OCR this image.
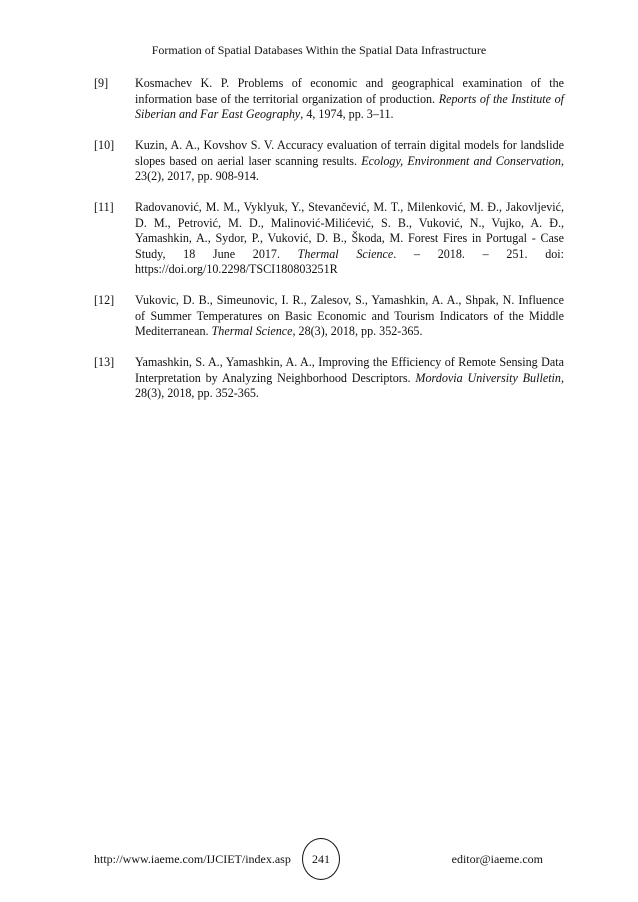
Formation of Spatial Databases Within the Spatial Data Infrastructure
[9]	Kosmachev K. P. Problems of economic and geographical examination of the information base of the territorial organization of production. Reports of the Institute of Siberian and Far East Geography, 4, 1974, pp. 3–11.
[10]	Kuzin, A. A., Kovshov S. V. Accuracy evaluation of terrain digital models for landslide slopes based on aerial laser scanning results. Ecology, Environment and Conservation, 23(2), 2017, pp. 908-914.
[11]	Radovanović, M. M., Vyklyuk, Y., Stevančević, M. T., Milenković, M. Đ., Jakovljević, D. M., Petrović, M. D., Malinović-Milićević, S. B., Vuković, N., Vujko, A. Đ., Yamashkin, A., Sydor, P., Vuković, D. B., Škoda, M. Forest Fires in Portugal - Case Study, 18 June 2017. Thermal Science. – 2018. – 251. doi: https://doi.org/10.2298/TSCI180803251R
[12]	Vukovic, D. B., Simeunovic, I. R., Zalesov, S., Yamashkin, A. A., Shpak, N. Influence of Summer Temperatures on Basic Economic and Tourism Indicators of the Middle Mediterranean. Thermal Science, 28(3), 2018, pp. 352-365.
[13]	Yamashkin, S. A., Yamashkin, A. A., Improving the Efficiency of Remote Sensing Data Interpretation by Analyzing Neighborhood Descriptors. Mordovia University Bulletin, 28(3), 2018, pp. 352-365.
http://www.iaeme.com/IJCIET/index.asp	241	editor@iaeme.com
